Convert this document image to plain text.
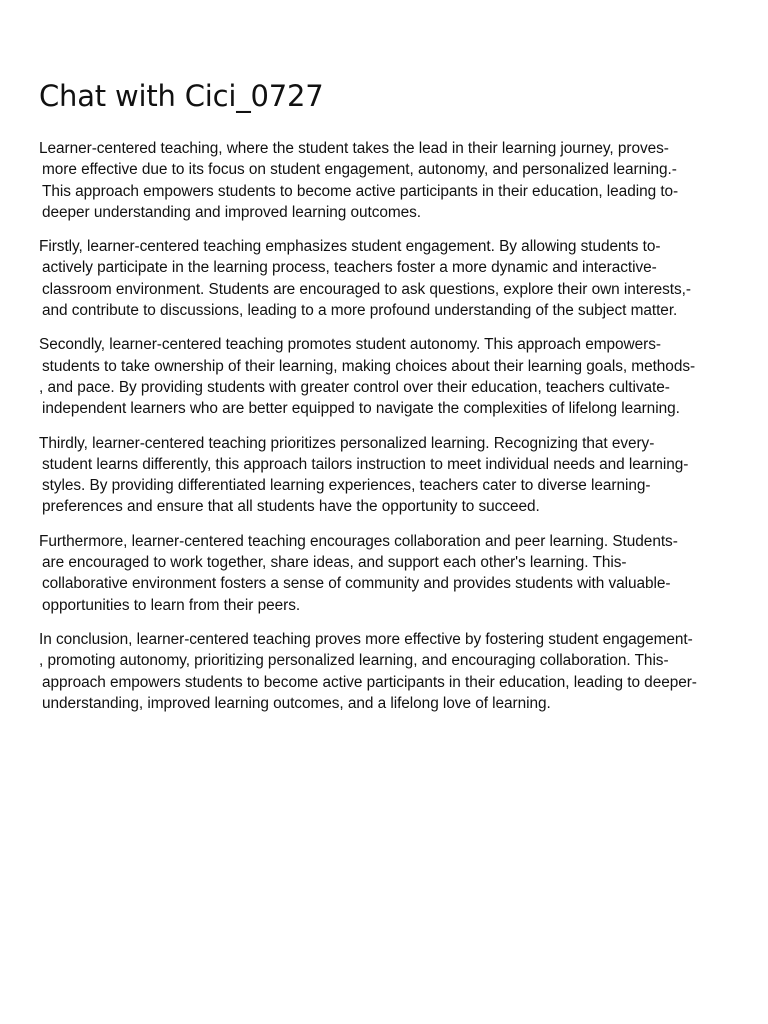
Chat with Cici_0727
Learner-centered teaching, where the student takes the lead in their learning journey, proves-
more effective due to its focus on student engagement, autonomy, and personalized learning.-
This approach empowers students to become active participants in their education, leading to-
deeper understanding and improved learning outcomes.
Firstly, learner-centered teaching emphasizes student engagement. By allowing students to-
actively participate in the learning process, teachers foster a more dynamic and interactive-
classroom environment. Students are encouraged to ask questions, explore their own interests,-
and contribute to discussions, leading to a more profound understanding of the subject matter.
Secondly, learner-centered teaching promotes student autonomy. This approach empowers-
students to take ownership of their learning, making choices about their learning goals, methods-
, and pace. By providing students with greater control over their education, teachers cultivate-
independent learners who are better equipped to navigate the complexities of lifelong learning.
Thirdly, learner-centered teaching prioritizes personalized learning. Recognizing that every-
student learns differently, this approach tailors instruction to meet individual needs and learning-
styles. By providing differentiated learning experiences, teachers cater to diverse learning-
preferences and ensure that all students have the opportunity to succeed.
Furthermore, learner-centered teaching encourages collaboration and peer learning. Students-
are encouraged to work together, share ideas, and support each other's learning. This-
collaborative environment fosters a sense of community and provides students with valuable-
opportunities to learn from their peers.
In conclusion, learner-centered teaching proves more effective by fostering student engagement-
, promoting autonomy, prioritizing personalized learning, and encouraging collaboration. This-
approach empowers students to become active participants in their education, leading to deeper-
understanding, improved learning outcomes, and a lifelong love of learning.
